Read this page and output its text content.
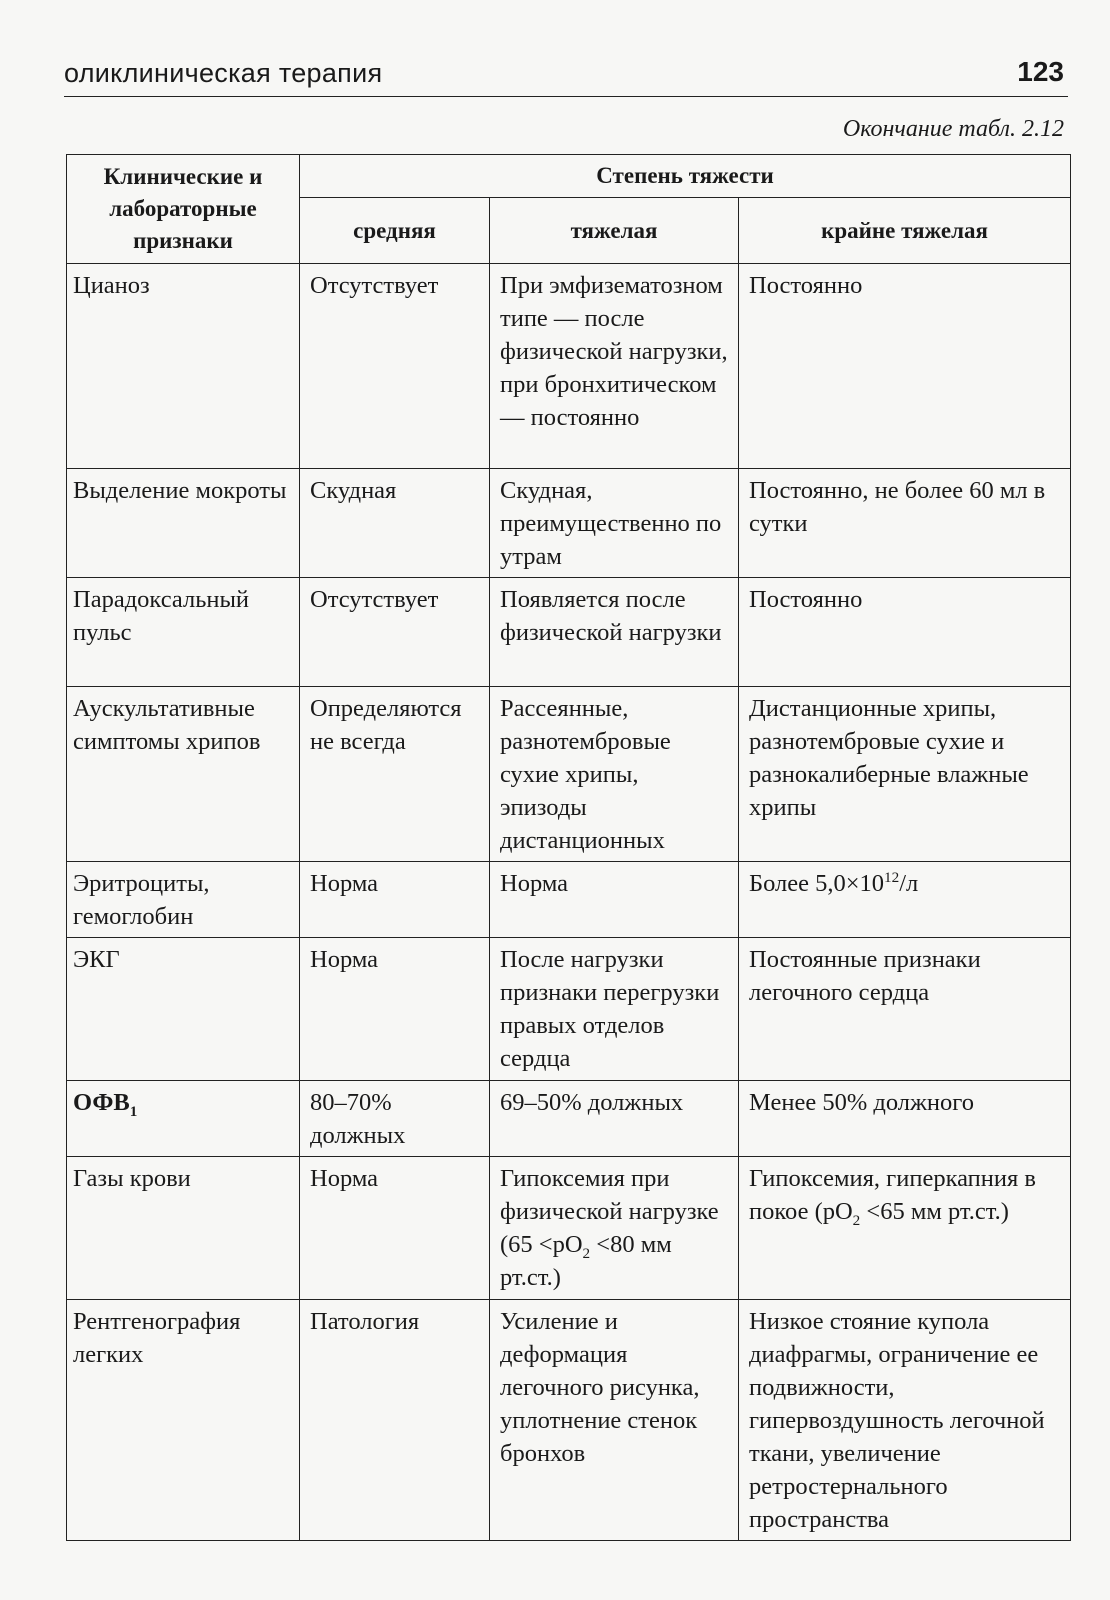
оликлиническая терапия	123
Окончание табл. 2.12
Клинические и лабораторные признаки	Степень тяжести		
	средняя	тяжелая	крайне тяжелая
Цианоз	Отсутствует	При эмфизематозном типе — после физической нагрузки, при бронхитическом — постоянно	Постоянно
Выделение мокроты	Скудная	Скудная, преимущественно по утрам	Постоянно, не более 60 мл в сутки
Парадоксальный пульс	Отсутствует	Появляется после физической нагрузки	Постоянно
Аускультативные симптомы хрипов	Определяются не всегда	Рассеянные, разнотембровые сухие хрипы, эпизоды дистанционных	Дистанционные хрипы, разнотембровые сухие и разнокалиберные влажные хрипы
Эритроциты, гемоглобин	Норма	Норма	Более $5,0\times 10^{12}/л$
ЭКГ	Норма	После нагрузки признаки перегрузки правых отделов сердца	Постоянные признаки легочного сердца
$ОФВ_1$	80–70% должных	69–50% должных	Менее 50% должного
Газы крови	Норма	Гипоксемия при физической нагрузке ($65 <pO_2 <80$ мм рт.ст.)	Гипоксемия, гиперкапния в покое ($pO_2 <65$ мм рт.ст.)
Рентгенография легких	Патология	Усиление и деформация легочного рисунка, уплотнение стенок бронхов	Низкое стояние купола диафрагмы, ограничение ее подвижности, гипервоздушность легочной ткани, увеличение ретростернального пространства
